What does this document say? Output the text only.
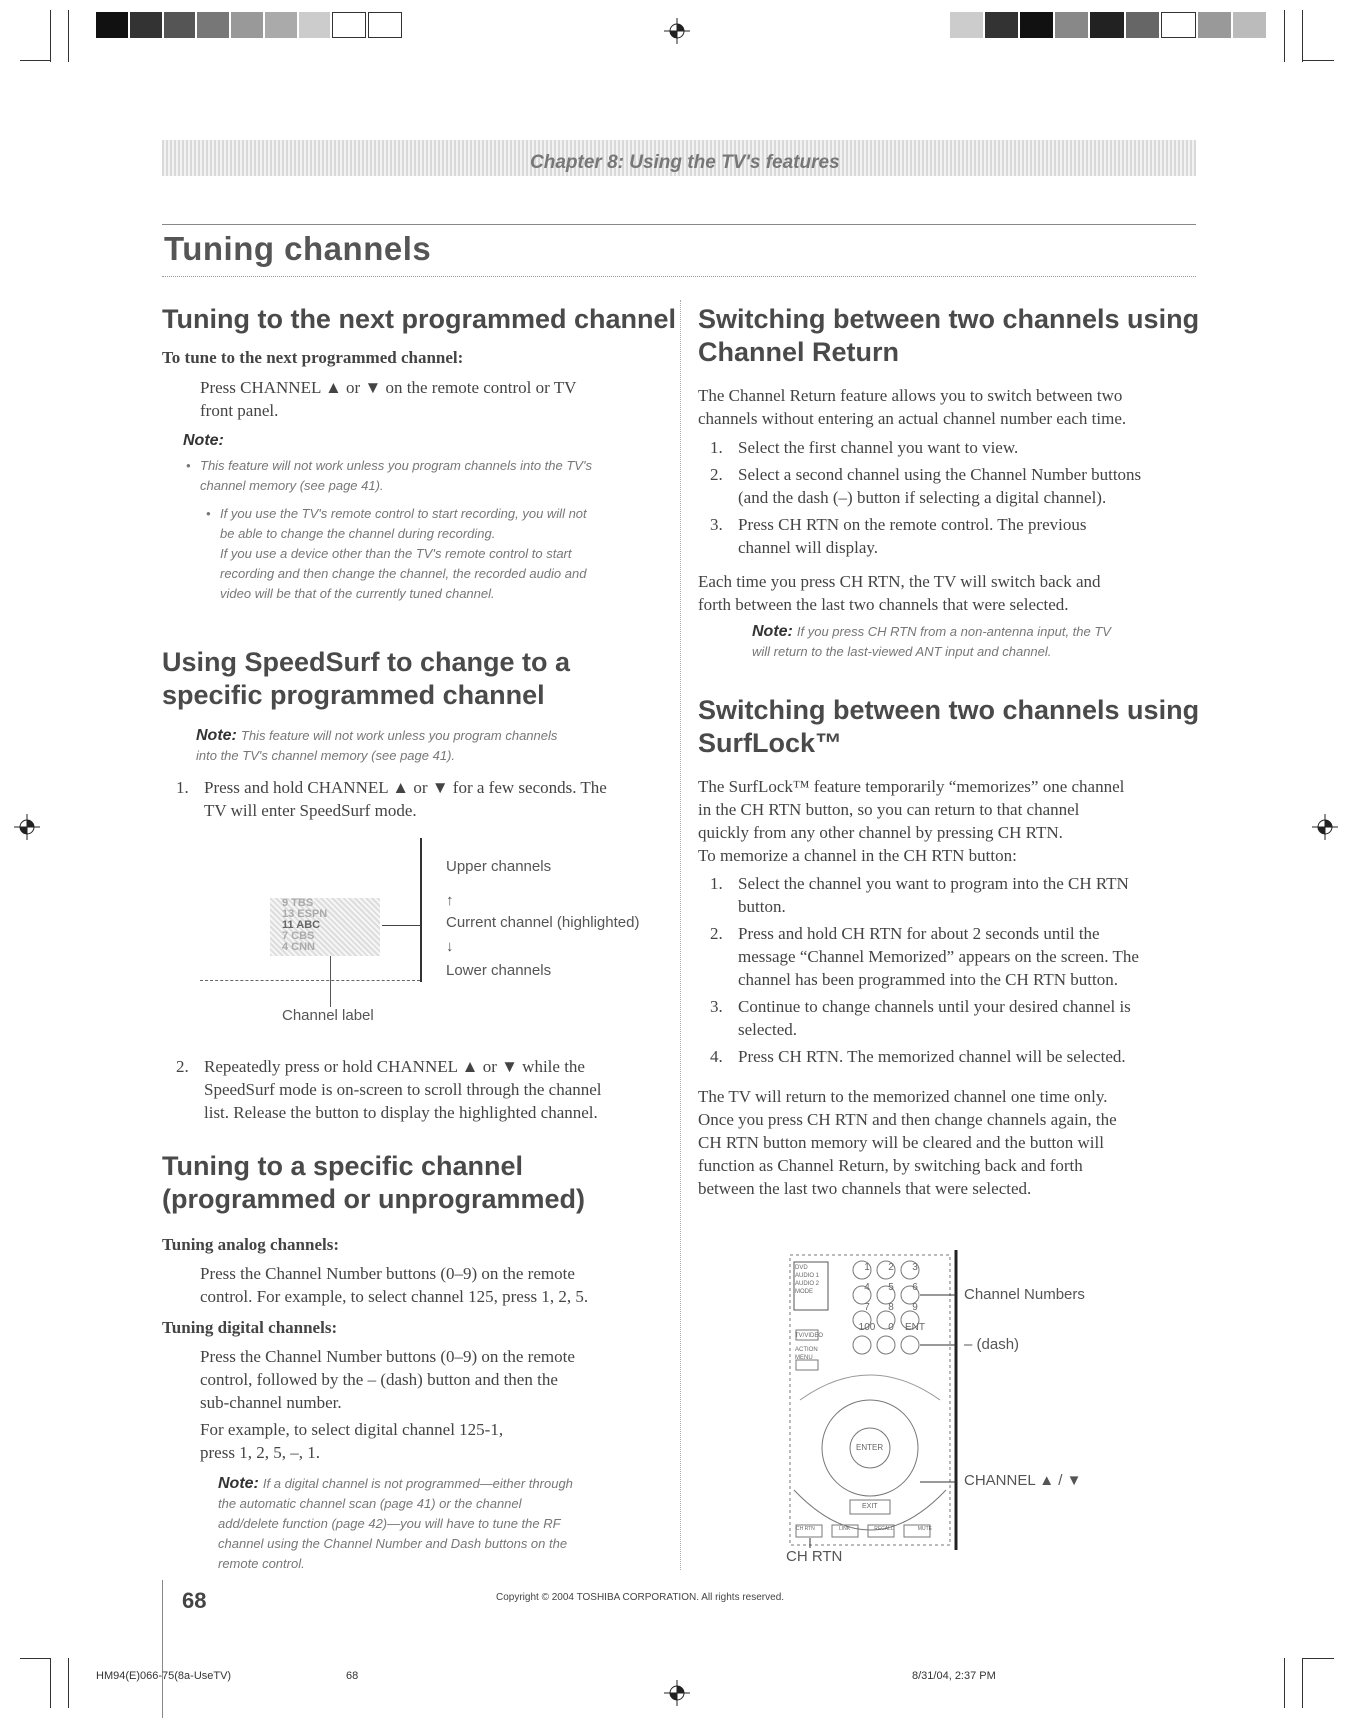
Chapter 8: Using the TV's features
Tuning channels
Tuning to the next programmed channel
To tune to the next programmed channel:
Press CHANNEL ▲ or ▼ on the remote control or TV
front panel.
Note:
• This feature will not work unless you program channels into the TV's
channel memory (see page 41).
• If you use the TV's remote control to start recording, you will not
be able to change the channel during recording.
If you use a device other than the TV's remote control to start
recording and then change the channel, the recorded audio and
video will be that of the currently tuned channel.
Using SpeedSurf to change to a
specific programmed channel
Note: This feature will not work unless you program channels
into the TV's channel memory (see page 41).
1. Press and hold CHANNEL ▲ or ▼ for a few seconds. The
TV will enter SpeedSurf mode.
9 TBS
13 ESPN
11 ABC
7 CBS
4 CNN
Upper channels
↑
Current channel (highlighted)
↓
Lower channels
Channel label
2. Repeatedly press or hold CHANNEL ▲ or ▼ while the
SpeedSurf mode is on-screen to scroll through the channel
list. Release the button to display the highlighted channel.
Tuning to a specific channel
(programmed or unprogrammed)
Tuning analog channels:
Press the Channel Number buttons (0–9) on the remote
control. For example, to select channel 125, press 1, 2, 5.
Tuning digital channels:
Press the Channel Number buttons (0–9) on the remote
control, followed by the – (dash) button and then the
sub-channel number.
For example, to select digital channel 125-1,
press 1, 2, 5, –, 1.
Note: If a digital channel is not programmed—either through
the automatic channel scan (page 41) or the channel
add/delete function (page 42)—you will have to tune the RF
channel using the Channel Number and Dash buttons on the
remote control.
Switching between two channels using
Channel Return
The Channel Return feature allows you to switch between two
channels without entering an actual channel number each time.
1. Select the first channel you want to view.
2. Select a second channel using the Channel Number buttons
(and the dash (–) button if selecting a digital channel).
3. Press CH RTN on the remote control. The previous
channel will display.
Each time you press CH RTN, the TV will switch back and
forth between the last two channels that were selected.
Note: If you press CH RTN from a non-antenna input, the TV
will return to the last-viewed ANT input and channel.
Switching between two channels using
SurfLock™
The SurfLock™ feature temporarily “memorizes” one channel
in the CH RTN button, so you can return to that channel
quickly from any other channel by pressing CH RTN.
To memorize a channel in the CH RTN button:
1. Select the channel you want to program into the CH RTN
button.
2. Press and hold CH RTN for about 2 seconds until the
message “Channel Memorized” appears on the screen. The
channel has been programmed into the CH RTN button.
3. Continue to change channels until your desired channel is
selected.
4. Press CH RTN. The memorized channel will be selected.
The TV will return to the memorized channel one time only.
Once you press CH RTN and then change channels again, the
CH RTN button memory will be cleared and the button will
function as Channel Return, by switching back and forth
between the last two channels that were selected.
1	2	3
4	5	6
7	8	9
100	0	ENT
DVD
AUDIO 1
AUDIO 2
MODE
TV/VIDEO
ACTION
MENU
ENTER
EXIT
CH RTN	LINK	RECALL	MUTE
Channel Numbers
– (dash)
CHANNEL ▲ / ▼
CH RTN
68	Copyright © 2004 TOSHIBA CORPORATION. All rights reserved.
HM94(E)066-75(8a-UseTV)	68	8/31/04, 2:37 PM
